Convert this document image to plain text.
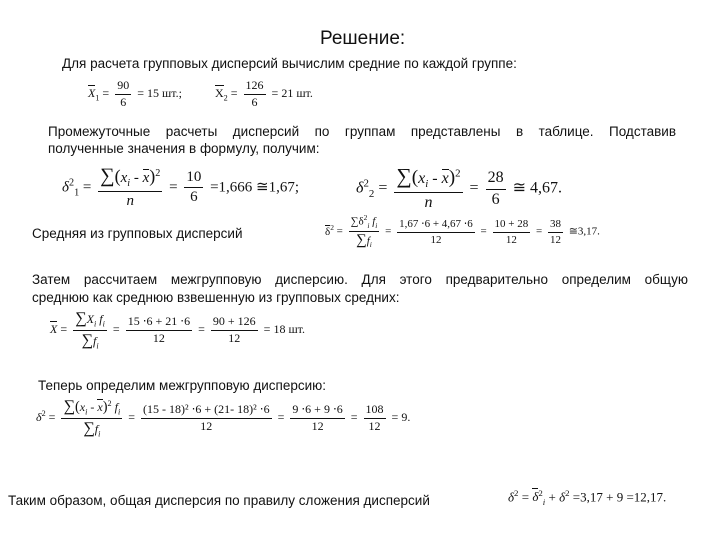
Решение:
Для расчета групповых дисперсий вычислим средние по каждой группе:
$X_1 = \frac{90}{6} = 15$ шт.;	$X_2 = \frac{126}{6} = 21$ шт.
Промежуточные расчеты дисперсий по группам представлены в таблице. Подставив
полученные значения в формулу, получим:
$\delta^2_1 = \frac{\sum(x_i - x)^2}{n} = \frac{10}{6} =1,666$ ≅1,67;	$\delta^2_2 = \frac{\sum(x_i - x)^2}{n} = \frac{28}{6}$ ≅ 4,67.
Средняя из групповых дисперсий	$\delta^2 = \frac{\sum\delta^2_i f_i}{\sum f_i} = \frac{1,67 \cdot 6 + 4,67 \cdot 6}{12} = \frac{10 + 28}{12} = \frac{38}{12}$ ≅3,17.
Затем рассчитаем межгрупповую дисперсию. Для этого предварительно определим общую
среднюю как среднюю взвешенную из групповых средних:
$X = \frac{\sum X_i f_i}{\sum f_i} = \frac{15 \cdot 6 + 21 \cdot 6}{12} = \frac{90 + 126}{12} = 18$ шт.
Теперь определим межгрупповую дисперсию:
$\delta^2 = \frac{\sum(x_i - x)^2 f_i}{\sum f_i} = \frac{\text{(15 - 18)² ⋅6 + (21- 18)² ⋅6}}{12} = \frac{9 \cdot 6 + 9 \cdot 6}{12} = \frac{108}{12} = 9$.
Таким образом, общая дисперсия по правилу сложения дисперсий	$\delta^2 = \delta^2_i + \delta^2 =3,17 + 9 =12,17$.
